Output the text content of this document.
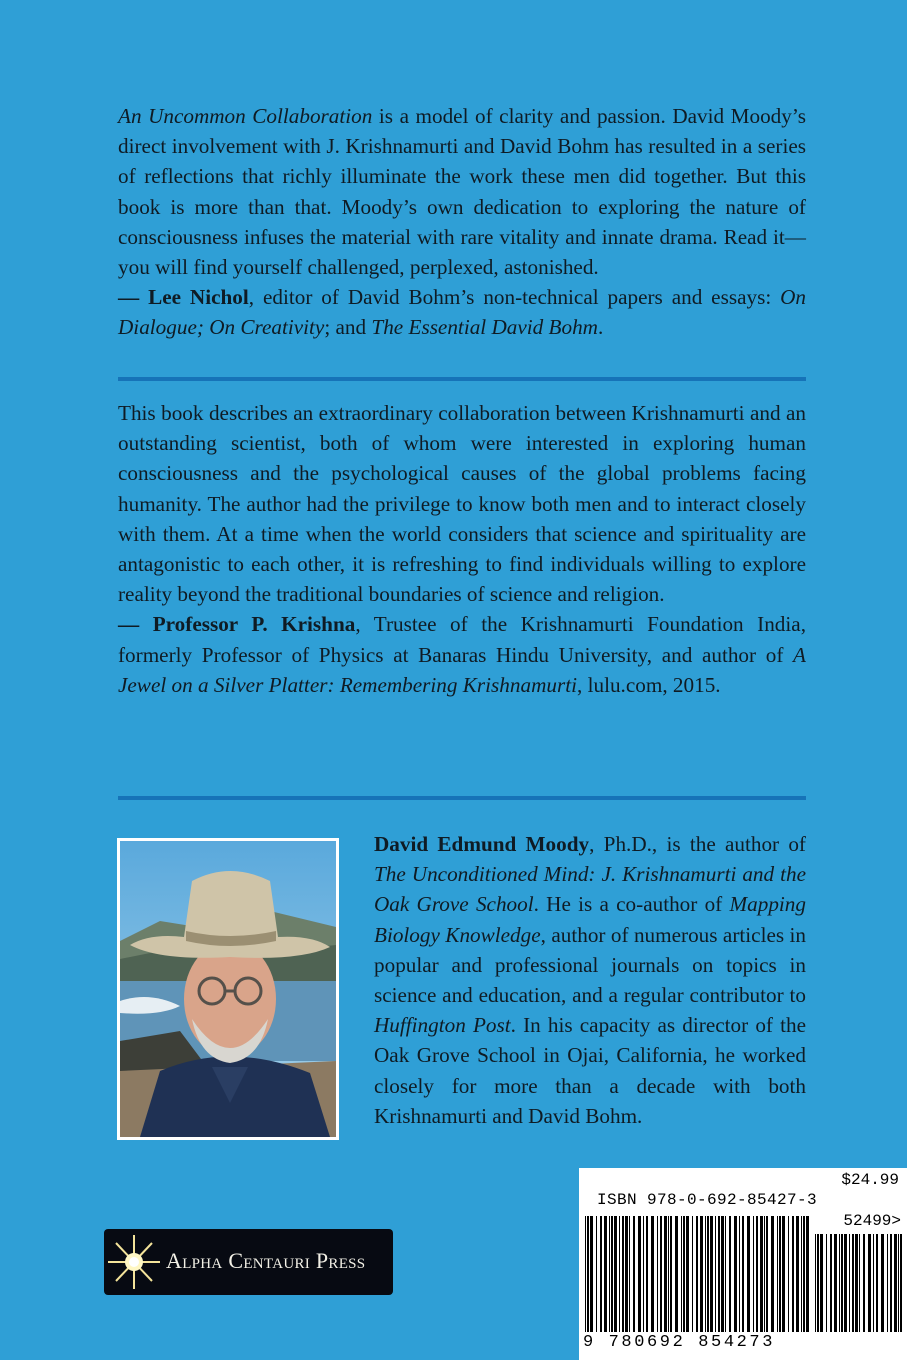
An Uncommon Collaboration is a model of clarity and passion. David Moody’s direct involvement with J. Krishnamurti and David Bohm has resulted in a series of reflections that richly illuminate the work these men did together. But this book is more than that. Moody’s own dedication to exploring the nature of consciousness infuses the material with rare vitality and innate drama. Read it—you will find yourself challenged, perplexed, astonished.

— Lee Nichol, editor of David Bohm’s non-technical papers and essays: On Dialogue; On Creativity; and The Essential David Bohm.

This book describes an extraordinary collaboration between Krishnamurti and an outstanding scientist, both of whom were interested in exploring human consciousness and the psychological causes of the global problems facing humanity. The author had the privilege to know both men and to interact closely with them. At a time when the world considers that science and spirituality are antagonistic to each other, it is refreshing to find individuals willing to explore reality beyond the traditional boundaries of science and religion.

— Professor P. Krishna, Trustee of the Krishnamurti Foundation India, formerly Professor of Physics at Banaras Hindu University, and author of A Jewel on a Silver Platter: Remembering Krishnamurti, lulu.com, 2015.

David Edmund Moody, Ph.D., is the author of The Unconditioned Mind: J. Krishnamurti and the Oak Grove School. He is a co-author of Mapping Biology Knowledge, author of numerous articles in popular and professional journals on topics in science and education, and a regular contributor to Huffington Post. In his capacity as director of the Oak Grove School in Ojai, California, he worked closely for more than a decade with both Krishnamurti and David Bohm.

Alpha Centauri Press
$24.99
ISBN 978-0-692-85427-3
52499>
9 780692 854273
